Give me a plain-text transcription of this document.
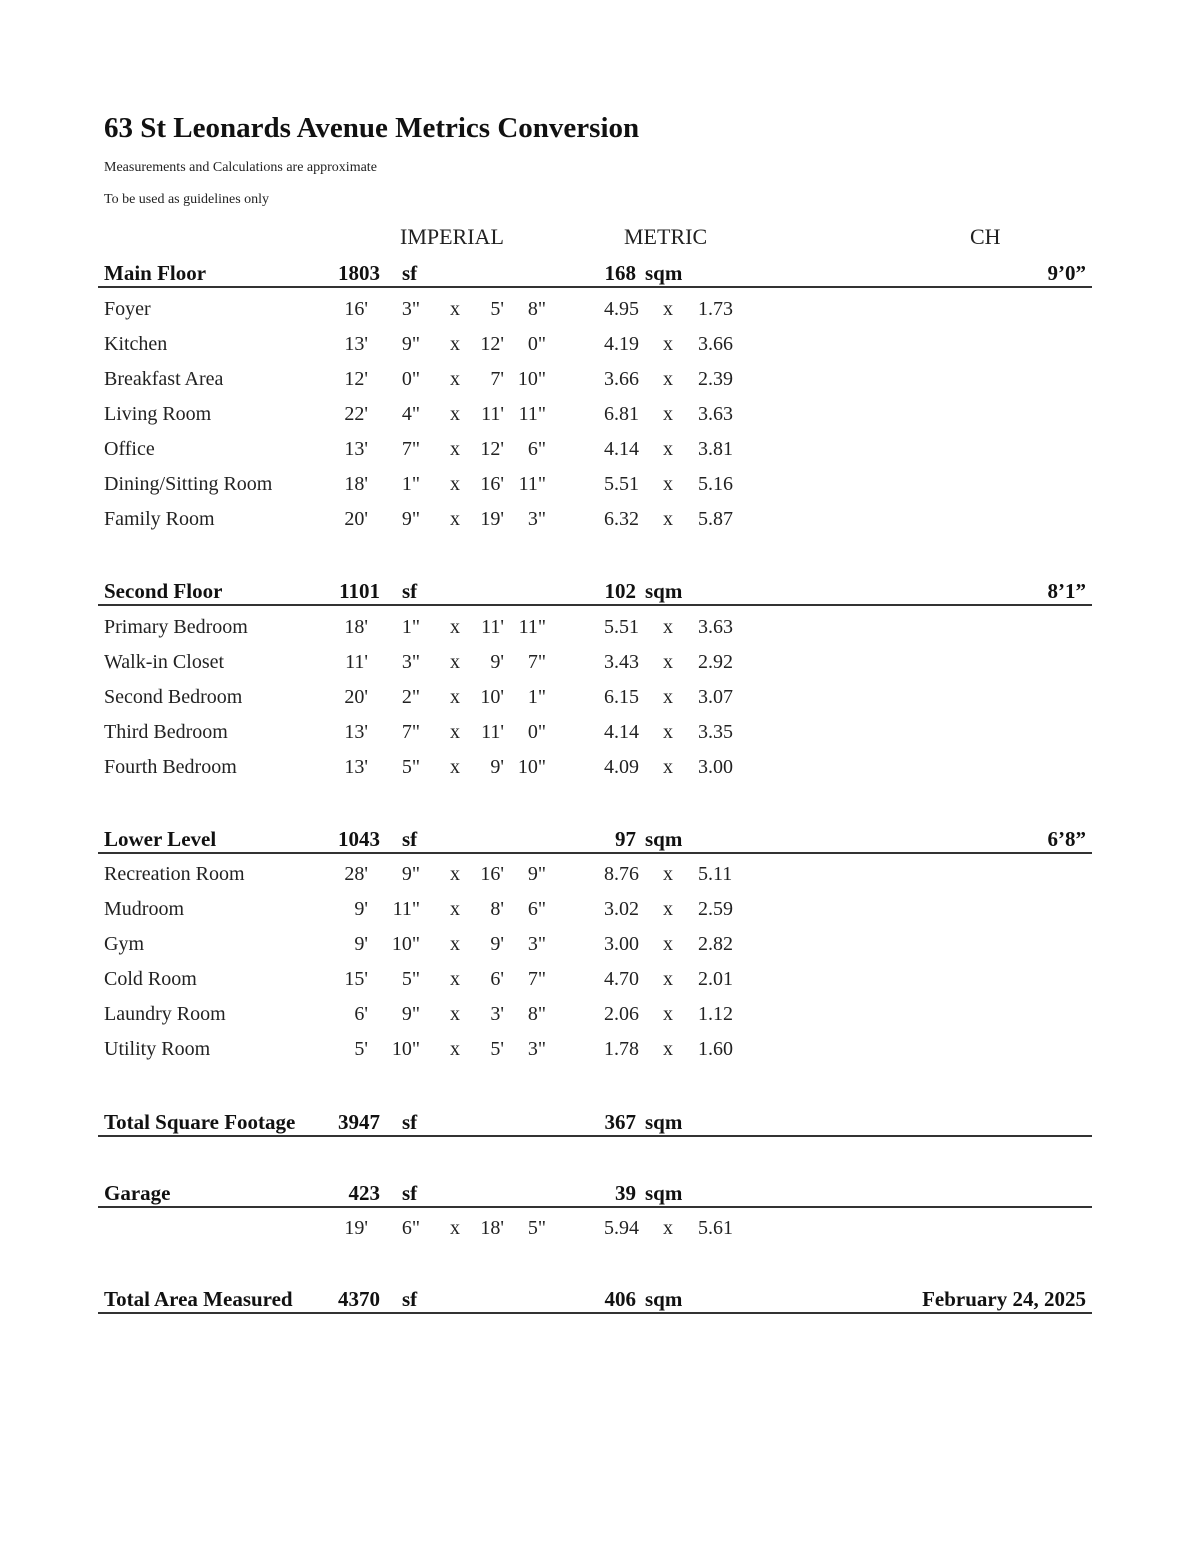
63 St Leonards Avenue Metrics Conversion
Measurements and Calculations are approximate
To be used as guidelines only
IMPERIAL	METRIC	CH
Main Floor	1803 sf	168 sqm	9’0”
Foyer	16'	3" x	5'	8"	4.95 x 1.73
Kitchen	13'	9" x	12'	0"	4.19 x 3.66
Breakfast Area	12'	0" x	7' 10"	3.66 x 2.39
Living Room	22'	4" x	11' 11"	6.81 x 3.63
Office	13'	7" x	12'	6"	4.14 x 3.81
Dining/Sitting Room	18'	1" x	16' 11"	5.51 x 5.16
Family Room	20'	9" x	19'	3"	6.32 x 5.87
Second Floor	1101 sf	102 sqm	8’1”
Primary Bedroom	18'	1" x	11' 11"	5.51 x 3.63
Walk-in Closet	11'	3" x	9'	7"	3.43 x 2.92
Second Bedroom	20'	2" x	10'	1"	6.15 x 3.07
Third Bedroom	13'	7" x	11'	0"	4.14 x 3.35
Fourth Bedroom	13'	5" x	9' 10"	4.09 x 3.00
Lower Level	1043 sf	97 sqm	6’8”
Recreation Room	28'	9" x	16'	9"	8.76 x 5.11
Mudroom	9' 11" x	8'	6"	3.02 x 2.59
Gym	9' 10" x	9'	3"	3.00 x 2.82
Cold Room	15'	5" x	6'	7"	4.70 x 2.01
Laundry Room	6'	9" x	3'	8"	2.06 x 1.12
Utility Room	5' 10" x	5'	3"	1.78 x 1.60
Total Square Footage	3947 sf	367 sqm
Garage	423 sf	39 sqm
19'	6" x	18'	5"	5.94 x 5.61
Total Area Measured	4370 sf	406 sqm	February 24, 2025
